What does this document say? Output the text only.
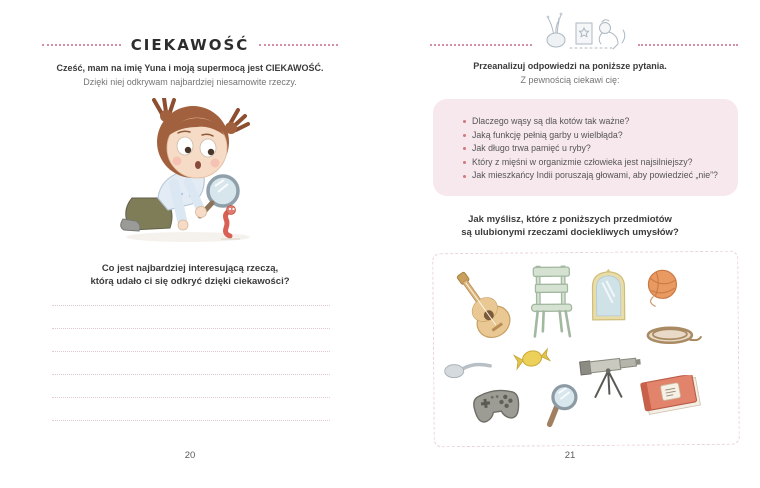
CIEKAWOŚĆ
Cześć, mam na imię Yuna i moją supermocą jest CIEKAWOŚĆ.
Dzięki niej odkrywam najbardziej niesamowite rzeczy.
Co jest najbardziej interesującą rzeczą,
którą udało ci się odkryć dzięki ciekawości?
20
Przeanalizuj odpowiedzi na poniższe pytania.
Z pewnością ciekawi cię:
Dlaczego wąsy są dla kotów tak ważne?
Jaką funkcję pełnią garby u wielbłąda?
Jak długo trwa pamięć u ryby?
Który z mięśni w organizmie człowieka jest najsilniejszy?
Jak mieszkańcy Indii poruszają głowami, aby powiedzieć „nie”?
Jak myślisz, które z poniższych przedmiotów
są ulubionymi rzeczami dociekliwych umysłów?
21
